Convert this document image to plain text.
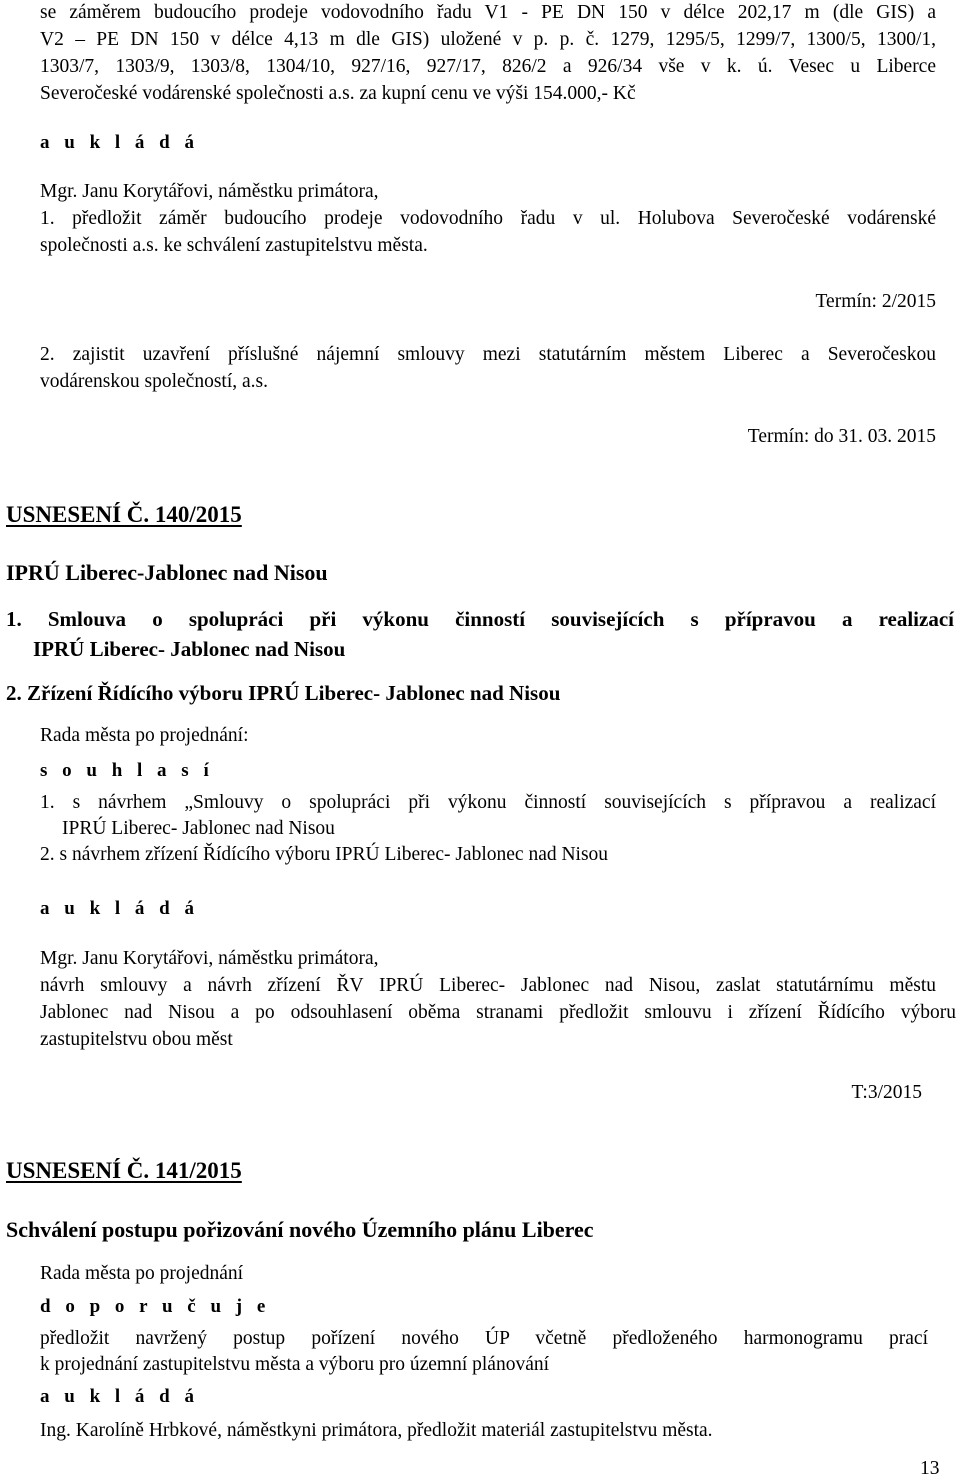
se záměrem budoucího prodeje vodovodního řadu V1 - PE DN 150 v délce 202,17 m (dle GIS) a

V2 – PE DN 150 v délce 4,13 m dle GIS) uložené v p. p. č. 1279, 1295/5, 1299/7, 1300/5, 1300/1,

1303/7, 1303/9, 1303/8, 1304/10, 927/16, 927/17, 826/2 a 926/34 vše v k. ú. Vesec u Liberce

Severočeské vodárenské společnosti a.s. za kupní cenu ve výši 154.000,- Kč

a u k l á d á

Mgr. Janu Korytářovi, náměstku primátora,

1. předložit záměr budoucího prodeje vodovodního řadu v ul. Holubova Severočeské vodárenské

společnosti a.s. ke schválení zastupitelstvu města.

Termín: 2/2015

2. zajistit uzavření příslušné nájemní smlouvy mezi statutárním městem Liberec a Severočeskou

vodárenskou společností, a.s.

Termín: do 31. 03. 2015

USNESENÍ Č. 140/2015

IPRÚ Liberec-Jablonec nad Nisou

1. Smlouva o spolupráci při výkonu činností souvisejících s přípravou a realizací

IPRÚ Liberec- Jablonec nad Nisou

2. Zřízení Řídícího výboru IPRÚ Liberec- Jablonec nad Nisou

Rada města po projednání:

s o u h l a s í

1. s návrhem „Smlouvy o spolupráci při výkonu činností souvisejících s přípravou a realizací

IPRÚ Liberec- Jablonec nad Nisou

2. s návrhem zřízení Řídícího výboru IPRÚ Liberec- Jablonec nad Nisou

a u k l á d á

Mgr. Janu Korytářovi, náměstku primátora,

návrh smlouvy a návrh zřízení ŘV IPRÚ Liberec- Jablonec nad Nisou, zaslat statutárnímu městu

Jablonec nad Nisou a po odsouhlasení oběma stranami předložit smlouvu i zřízení Řídícího výboru

zastupitelstvu obou měst

T:3/2015

USNESENÍ Č. 141/2015

Schválení postupu pořizování nového Územního plánu Liberec

Rada města po projednání

d o p o r u č u j e

předložit navržený postup pořízení nového ÚP včetně předloženého harmonogramu prací

k projednání zastupitelstvu města a výboru pro územní plánování

a u k l á d á

Ing. Karolíně Hrbkové, náměstkyni primátora, předložit materiál zastupitelstvu města.

13
